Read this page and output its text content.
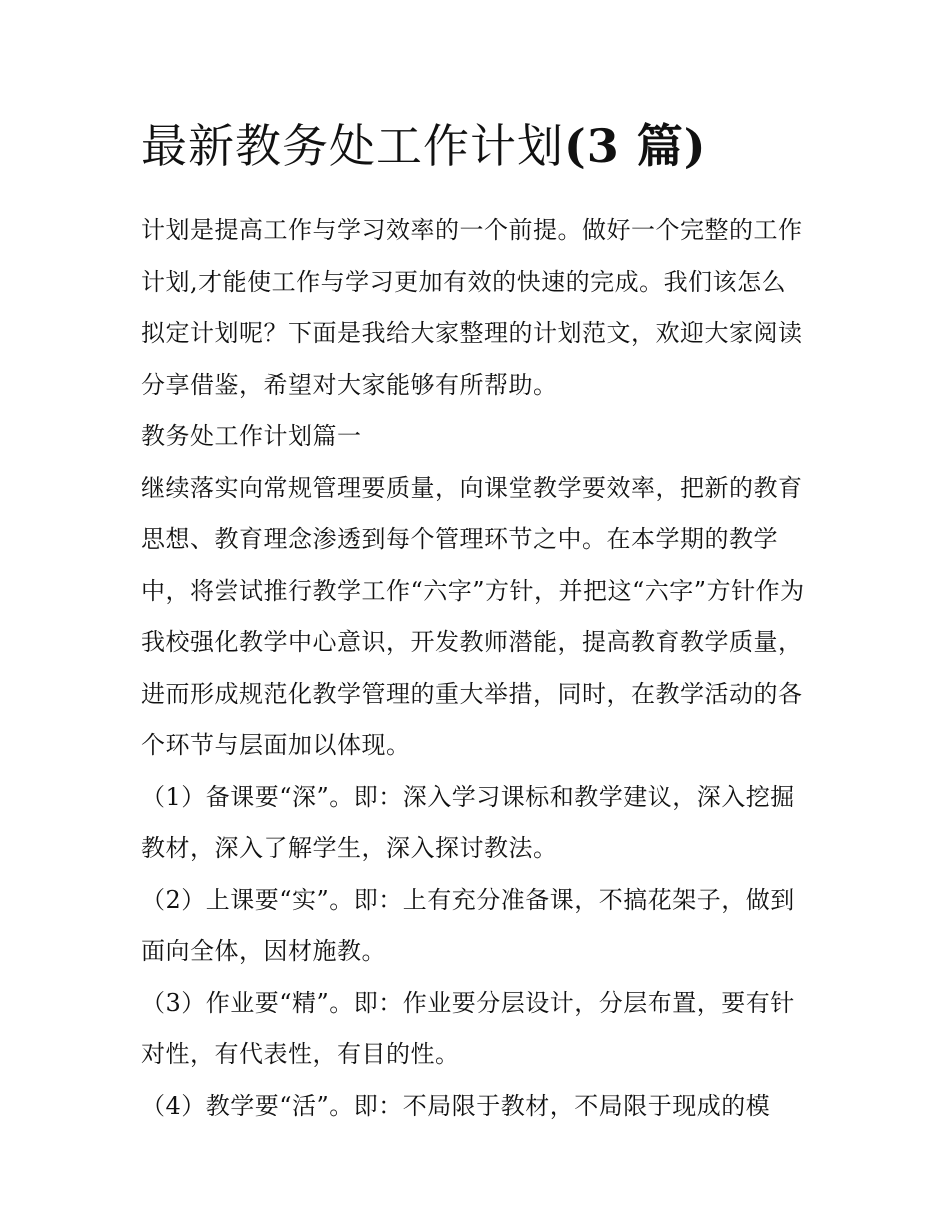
最新教务处工作计划(3 篇)
计划是提高工作与学习效率的一个前提。做好一个完整的工作
计划,才能使工作与学习更加有效的快速的完成。我们该怎么
拟定计划呢？下面是我给大家整理的计划范文，欢迎大家阅读
分享借鉴，希望对大家能够有所帮助。
教务处工作计划篇一
继续落实向常规管理要质量，向课堂教学要效率，把新的教育
思想、教育理念渗透到每个管理环节之中。在本学期的教学
中，将尝试推行教学工作“六字”方针，并把这“六字”方针作为
我校强化教学中心意识，开发教师潜能，提高教育教学质量，
进而形成规范化教学管理的重大举措，同时，在教学活动的各
个环节与层面加以体现。
（1）备课要“深”。即：深入学习课标和教学建议，深入挖掘
教材，深入了解学生，深入探讨教法。
（2）上课要“实”。即：上有充分准备课，不搞花架子，做到
面向全体，因材施教。
（3）作业要“精”。即：作业要分层设计，分层布置，要有针
对性，有代表性，有目的性。
（4）教学要“活”。即：不局限于教材，不局限于现成的模
